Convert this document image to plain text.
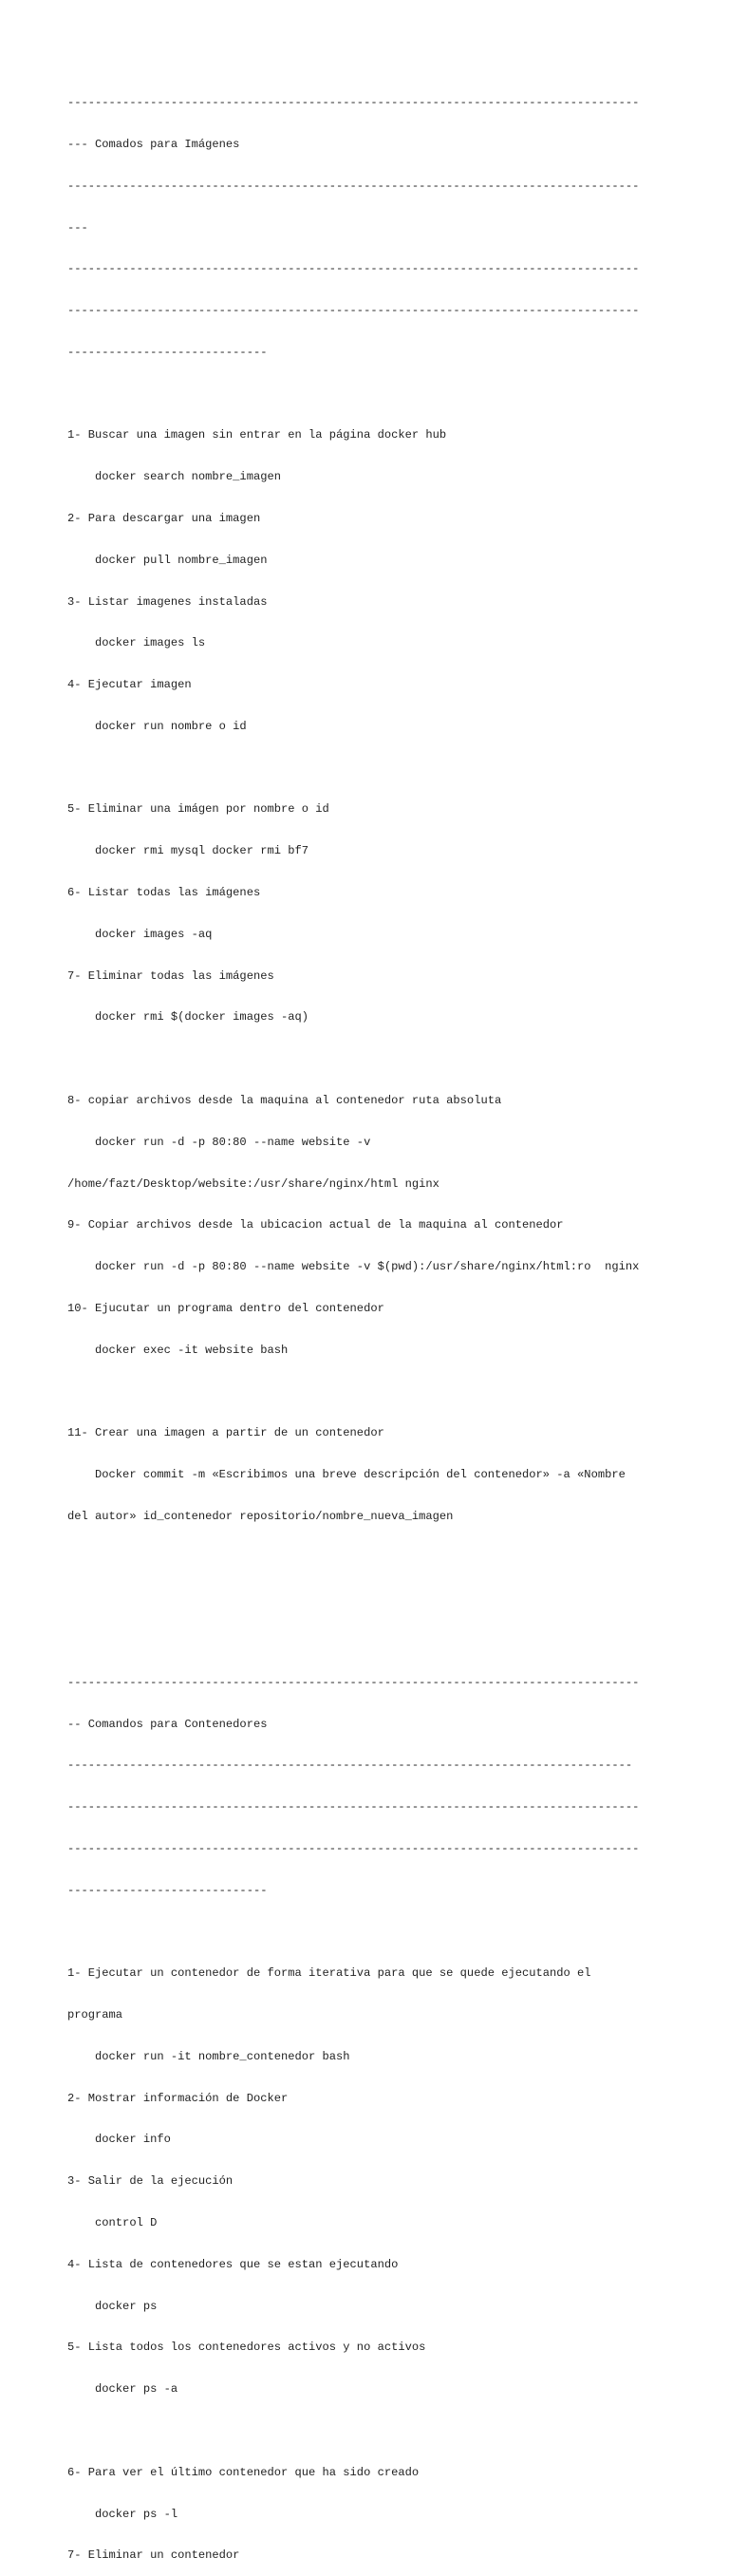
-----------------------------------------------------------------------------------

--- Comados para Imágenes

-----------------------------------------------------------------------------------

---

-----------------------------------------------------------------------------------

-----------------------------------------------------------------------------------

-----------------------------

1- Buscar una imagen sin entrar en la página docker hub

docker search nombre_imagen

2- Para descargar una imagen

docker pull nombre_imagen

3- Listar imagenes instaladas

docker images ls

4- Ejecutar imagen

docker run nombre o id

5- Eliminar una imágen por nombre o id

docker rmi mysql docker rmi bf7

6- Listar todas las imágenes

docker images -aq

7- Eliminar todas las imágenes

docker rmi $(docker images -aq)

8- copiar archivos desde la maquina al contenedor ruta absoluta

docker run -d -p 80:80 --name website -v

/home/fazt/Desktop/website:/usr/share/nginx/html nginx

9- Copiar archivos desde la ubicacion actual de la maquina al contenedor

docker run -d -p 80:80 --name website -v $(pwd):/usr/share/nginx/html:ro  nginx

10- Ejucutar un programa dentro del contenedor

docker exec -it website bash

11- Crear una imagen a partir de un contenedor

Docker commit -m «Escribimos una breve descripción del contenedor» -a «Nombre

del autor» id_contenedor repositorio/nombre_nueva_imagen

-----------------------------------------------------------------------------------

-- Comandos para Contenedores

----------------------------------------------------------------------------------

-----------------------------------------------------------------------------------

-----------------------------------------------------------------------------------

-----------------------------

1- Ejecutar un contenedor de forma iterativa para que se quede ejecutando el

programa

docker run -it nombre_contenedor bash

2- Mostrar información de Docker

docker info

3- Salir de la ejecución

control D

4- Lista de contenedores que se estan ejecutando

docker ps

5- Lista todos los contenedores activos y no activos

docker ps -a

6- Para ver el último contenedor que ha sido creado

docker ps -l

7- Eliminar un contenedor
